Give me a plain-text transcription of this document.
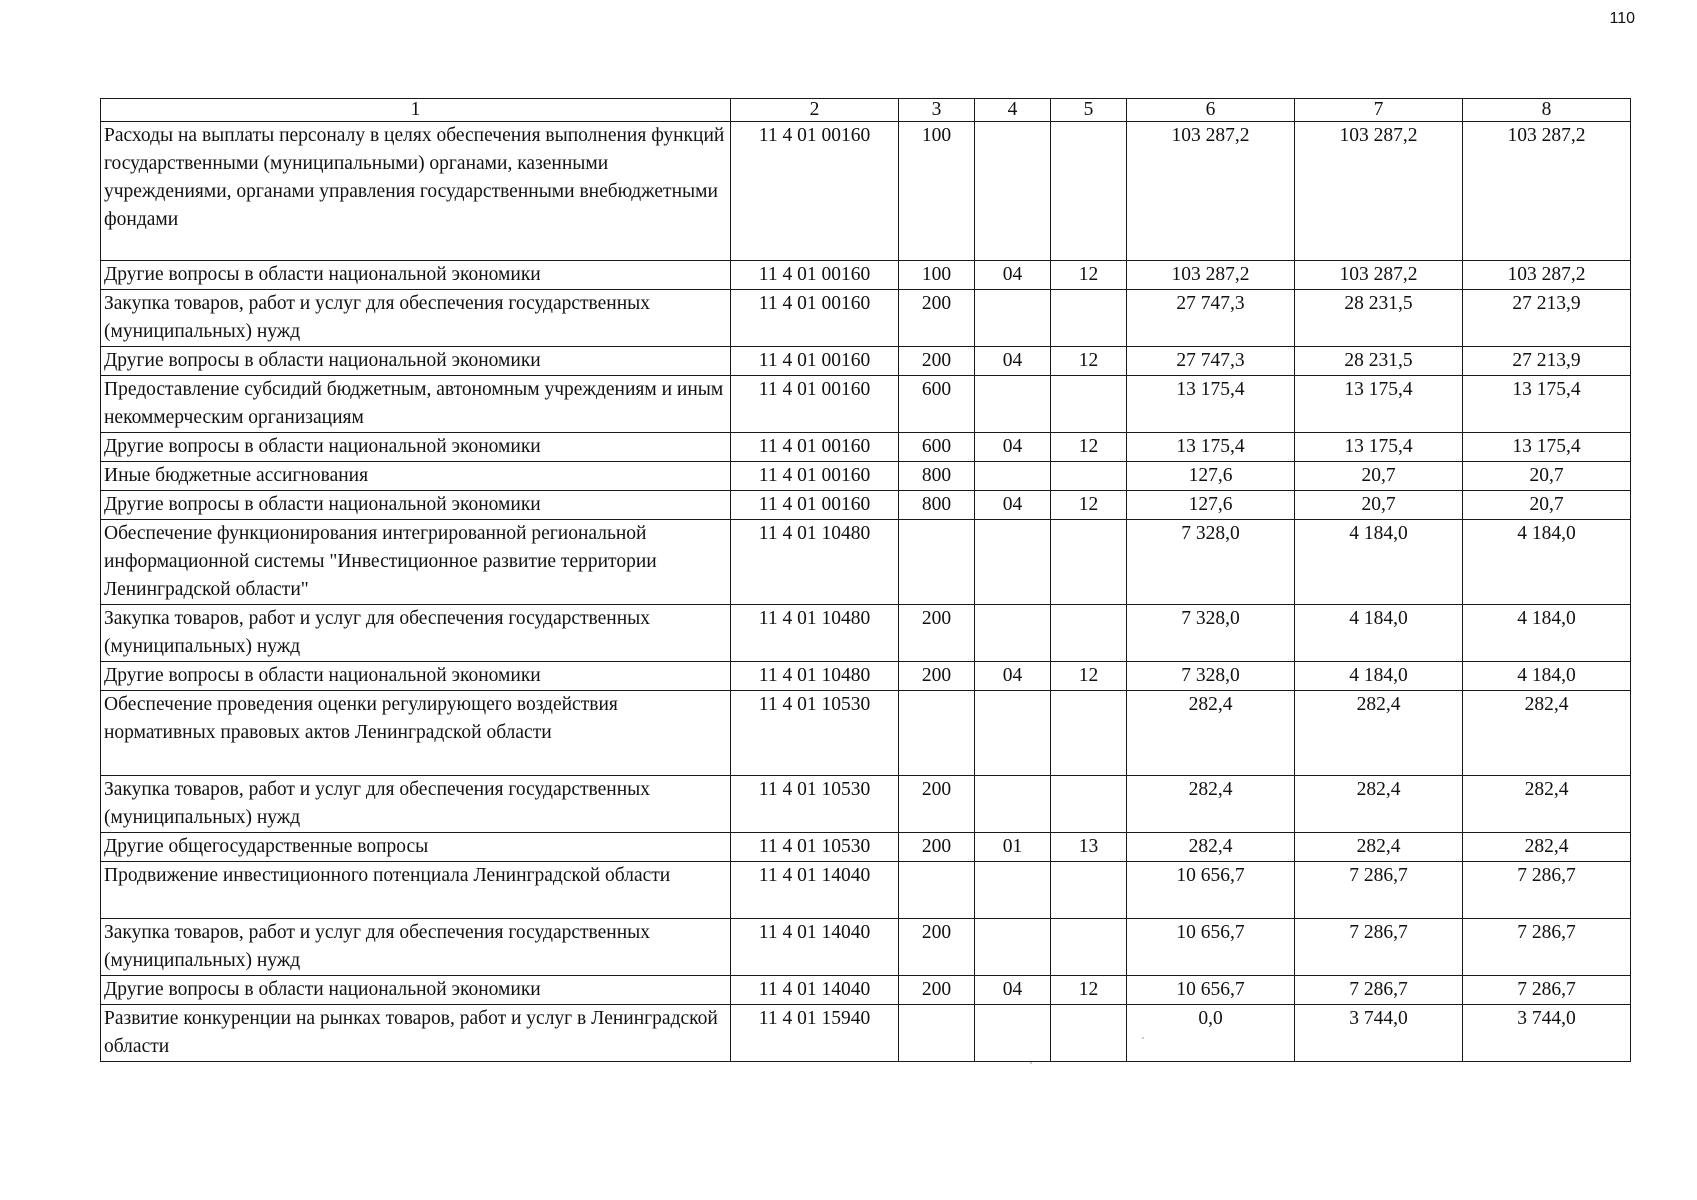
110
1	2	3	4	5	6	7	8
Расходы на выплаты персоналу в целях обеспечения выполнения функций государственными (муниципальными) органами, казенными учреждениями, органами управления государственными внебюджетными фондами	11 4 01 00160	100			103 287,2	103 287,2	103 287,2
Другие вопросы в области национальной экономики	11 4 01 00160	100	04	12	103 287,2	103 287,2	103 287,2
Закупка товаров, работ и услуг для обеспечения государственных (муниципальных) нужд	11 4 01 00160	200			27 747,3	28 231,5	27 213,9
Другие вопросы в области национальной экономики	11 4 01 00160	200	04	12	27 747,3	28 231,5	27 213,9
Предоставление субсидий бюджетным, автономным учреждениям и иным некоммерческим организациям	11 4 01 00160	600			13 175,4	13 175,4	13 175,4
Другие вопросы в области национальной экономики	11 4 01 00160	600	04	12	13 175,4	13 175,4	13 175,4
Иные бюджетные ассигнования	11 4 01 00160	800			127,6	20,7	20,7
Другие вопросы в области национальной экономики	11 4 01 00160	800	04	12	127,6	20,7	20,7
Обеспечение функционирования интегрированной региональной информационной системы "Инвестиционное развитие территории Ленинградской области"	11 4 01 10480				7 328,0	4 184,0	4 184,0
Закупка товаров, работ и услуг для обеспечения государственных (муниципальных) нужд	11 4 01 10480	200			7 328,0	4 184,0	4 184,0
Другие вопросы в области национальной экономики	11 4 01 10480	200	04	12	7 328,0	4 184,0	4 184,0
Обеспечение проведения оценки регулирующего воздействия нормативных правовых актов Ленинградской области	11 4 01 10530				282,4	282,4	282,4
Закупка товаров, работ и услуг для обеспечения государственных (муниципальных) нужд	11 4 01 10530	200			282,4	282,4	282,4
Другие общегосударственные вопросы	11 4 01 10530	200	01	13	282,4	282,4	282,4
Продвижение инвестиционного потенциала Ленинградской области	11 4 01 14040				10 656,7	7 286,7	7 286,7
Закупка товаров, работ и услуг для обеспечения государственных (муниципальных) нужд	11 4 01 14040	200			10 656,7	7 286,7	7 286,7
Другие вопросы в области национальной экономики	11 4 01 14040	200	04	12	10 656,7	7 286,7	7 286,7
Развитие конкуренции на рынках товаров, работ и услуг в Ленинградской области	11 4 01 15940				0,0	3 744,0	3 744,0
